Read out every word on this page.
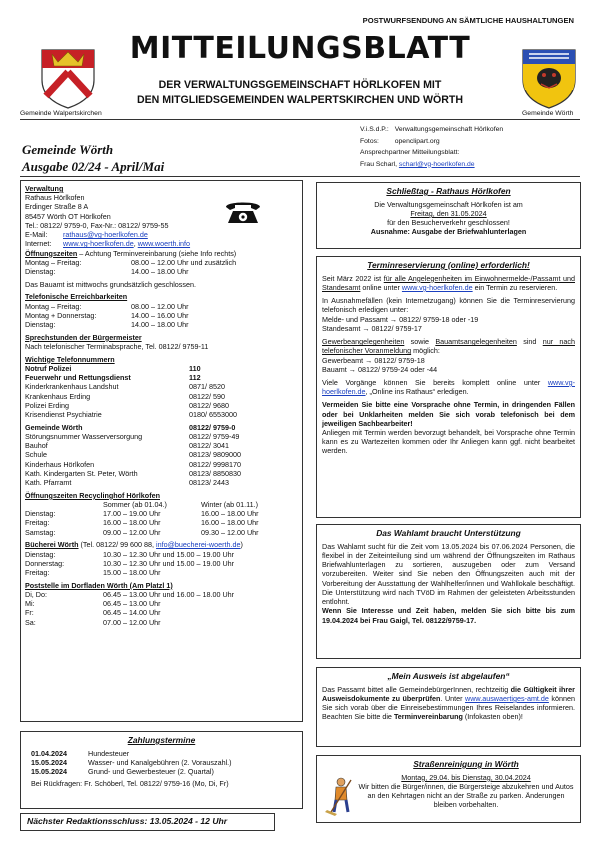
POSTWURFSENDUNG AN SÄMTLICHE HAUSHALTUNGEN
Gemeinde Walpertskirchen	Gemeinde Wörth
MITTEILUNGSBLATT
DER VERWALTUNGSGEMEINSCHAFT HÖRLKOFEN MIT
DEN MITGLIEDSGEMEINDEN WALPERTSKIRCHEN UND WÖRTH
Gemeinde Wörth
Ausgabe 02/24 - April/Mai
V.i.S.d.P.:	Verwaltungsgemeinschaft Hörlkofen
Fotos:	openclipart.org
Ansprechpartner Mitteilungsblatt:	
Frau Scharl, scharl@vg-hoerlkofen.de	

Verwaltung

Rathaus Hörlkofen

Erdinger Straße 8 A

85457 Wörth OT Hörlkofen

Tel.: 08122/ 9759-0, Fax-Nr.: 08122/ 9759-55

E-Mail: rathaus@vg-hoerlkofen.de

Internet: www.vg-hoerlkofen.de, www.woerth.info

Öffnungszeiten – Achtung Terminvereinbarung (siehe Info rechts)

Montag – Freitag:	08.00 – 12.00 Uhr und zusätzlich
Dienstag:	14.00 – 18.00 Uhr

Das Bauamt ist mittwochs grundsätzlich geschlossen.

Telefonische Erreichbarkeiten

Montag – Freitag:	08.00 – 12.00 Uhr
Montag + Donnerstag:	14.00 – 16.00 Uhr
Dienstag:	14.00 – 18.00 Uhr

Sprechstunden der Bürgermeister

Nach telefonischer Terminabsprache, Tel. 08122/ 9759-11

Wichtige Telefonnummern

Notruf Polizei	110
Feuerwehr und Rettungsdienst	112
Kinderkrankenhaus Landshut	0871/ 8520
Krankenhaus Erding	08122/ 590
Polizei Erding	08122/ 9680
Krisendienst Psychiatrie	0180/ 6553000
Gemeinde Wörth	08122/ 9759-0
Störungsnummer Wasserversorgung	08122/ 9759-49
Bauhof	08122/ 3041
Schule	08123/ 9809000
Kinderhaus Hörlkofen	08122/ 9998170
Kath. Kindergarten St. Peter, Wörth	08123/ 8850830
Kath. Pfarramt	08123/ 2443

Öffnungszeiten Recyclinghof Hörlkofen

Sommer (ab 01.04.)	Winter (ab 01.11.)
Dienstag:	17.00 – 19.00 Uhr	16.00 – 18.00 Uhr
Freitag:	16.00 – 18.00 Uhr	16.00 – 18.00 Uhr
Samstag:	09.00 – 12.00 Uhr	09.30 – 12.00 Uhr

Bücherei Wörth (Tel. 08122/ 99 600 88, info@buecherei-woerth.de)

Dienstag:	10.30 – 12.30 Uhr und 15.00 – 19.00 Uhr
Donnerstag:	10.30 – 12.30 Uhr und 15.00 – 19.00 Uhr
Freitag:	15.00 – 18.00 Uhr

Poststelle im Dorfladen Wörth (Am Platzl 1)

Di, Do:	06.45 – 13.00 Uhr und 16.00 – 18.00 Uhr
Mi:	06.45 – 13.00 Uhr
Fr:	06.45 – 14.00 Uhr
Sa:	07.00 – 12.00 Uhr
Zahlungstermine
01.04.2024	Hundesteuer
15.05.2024	Wasser- und Kanalgebühren (2. Vorauszahl.)
15.05.2024	Grund- und Gewerbesteuer (2. Quartal)
Bei Rückfragen: Fr. Schöberl, Tel. 08122/ 9759-16 (Mo, Di, Fr)
Nächster Redaktionsschluss: 13.05.2024 - 12 Uhr
Schließtag - Rathaus Hörlkofen

Die Verwaltungsgemeinschaft Hörlkofen ist am

Freitag, den 31.05.2024

für den Besucherverkehr geschlossen!

Ausnahme: Ausgabe der Briefwahlunterlagen

Terminreservierung (online) erforderlich!

Seit März 2022 ist für alle Angelegenheiten im Einwohnermelde-/Passamt und Standesamt online unter www.vg-hoerlkofen.de ein Termin zu reservieren.

In Ausnahmefällen (kein Internetzugang) können Sie die Terminreservierung telefonisch erledigen unter:

Melde- und Passamt → 08122/ 9759-18 oder -19

Standesamt → 08122/ 9759-17

Gewerbeangelegenheiten sowie Bauamtsangelegenheiten sind nur nach telefonischer Voranmeldung möglich:

Gewerbeamt → 08122/ 9759-18

Bauamt → 08122/ 9759-24 oder -44

Viele Vorgänge können Sie bereits komplett online unter www.vg-hoerlkofen.de, „Online ins Rathaus“ erledigen.

Vermeiden Sie bitte eine Vorsprache ohne Termin, in dringenden Fällen oder bei Unklarheiten melden Sie sich vorab telefonisch bei dem jeweiligen Sachbearbeiter!

Anliegen mit Termin werden bevorzugt behandelt, bei Vorsprache ohne Termin kann es zu Wartezeiten kommen oder Ihr Anliegen kann ggf. nicht bearbeitet werden.

Das Wahlamt braucht Unterstützung

Das Wahlamt sucht für die Zeit vom 13.05.2024 bis 07.06.2024 Personen, die flexibel in der Zeiteinteilung sind um während der Öffnungszeiten im Rathaus Briefwahlunterlagen zu sortieren, auszugeben oder zum Versand vorzubereiten. Weiter sind Sie neben den Öffnungszeiten auch mit der Vorbereitung der Ausstattung der Wahlhelfer/innen und Wahllokale beschäftigt. Die Unterstützung wird nach TVöD im Rahmen der geleisteten Arbeitsstunden entlohnt.

Wenn Sie Interesse und Zeit haben, melden Sie sich bitte bis zum 19.04.2024 bei Frau Gaigl, Tel. 08122/9759-17.

„Mein Ausweis ist abgelaufen“

Das Passamt bittet alle GemeindebürgerInnen, rechtzeitig die Gültigkeit ihrer Ausweisdokumente zu überprüfen. Unter www.auswaertiges-amt.de können Sie sich vorab über die Einreisebestimmungen Ihres Reiselandes informieren. Beachten Sie bitte die Terminvereinbarung (Infokasten oben)!

Straßenreinigung in Wörth

Montag, 29.04. bis Dienstag, 30.04.2024

Wir bitten die Bürger/innen, die Bürgersteige abzukehren und Autos an den Kehrtagen nicht an der Straße zu parken. Änderungen bleiben vorbehalten.
